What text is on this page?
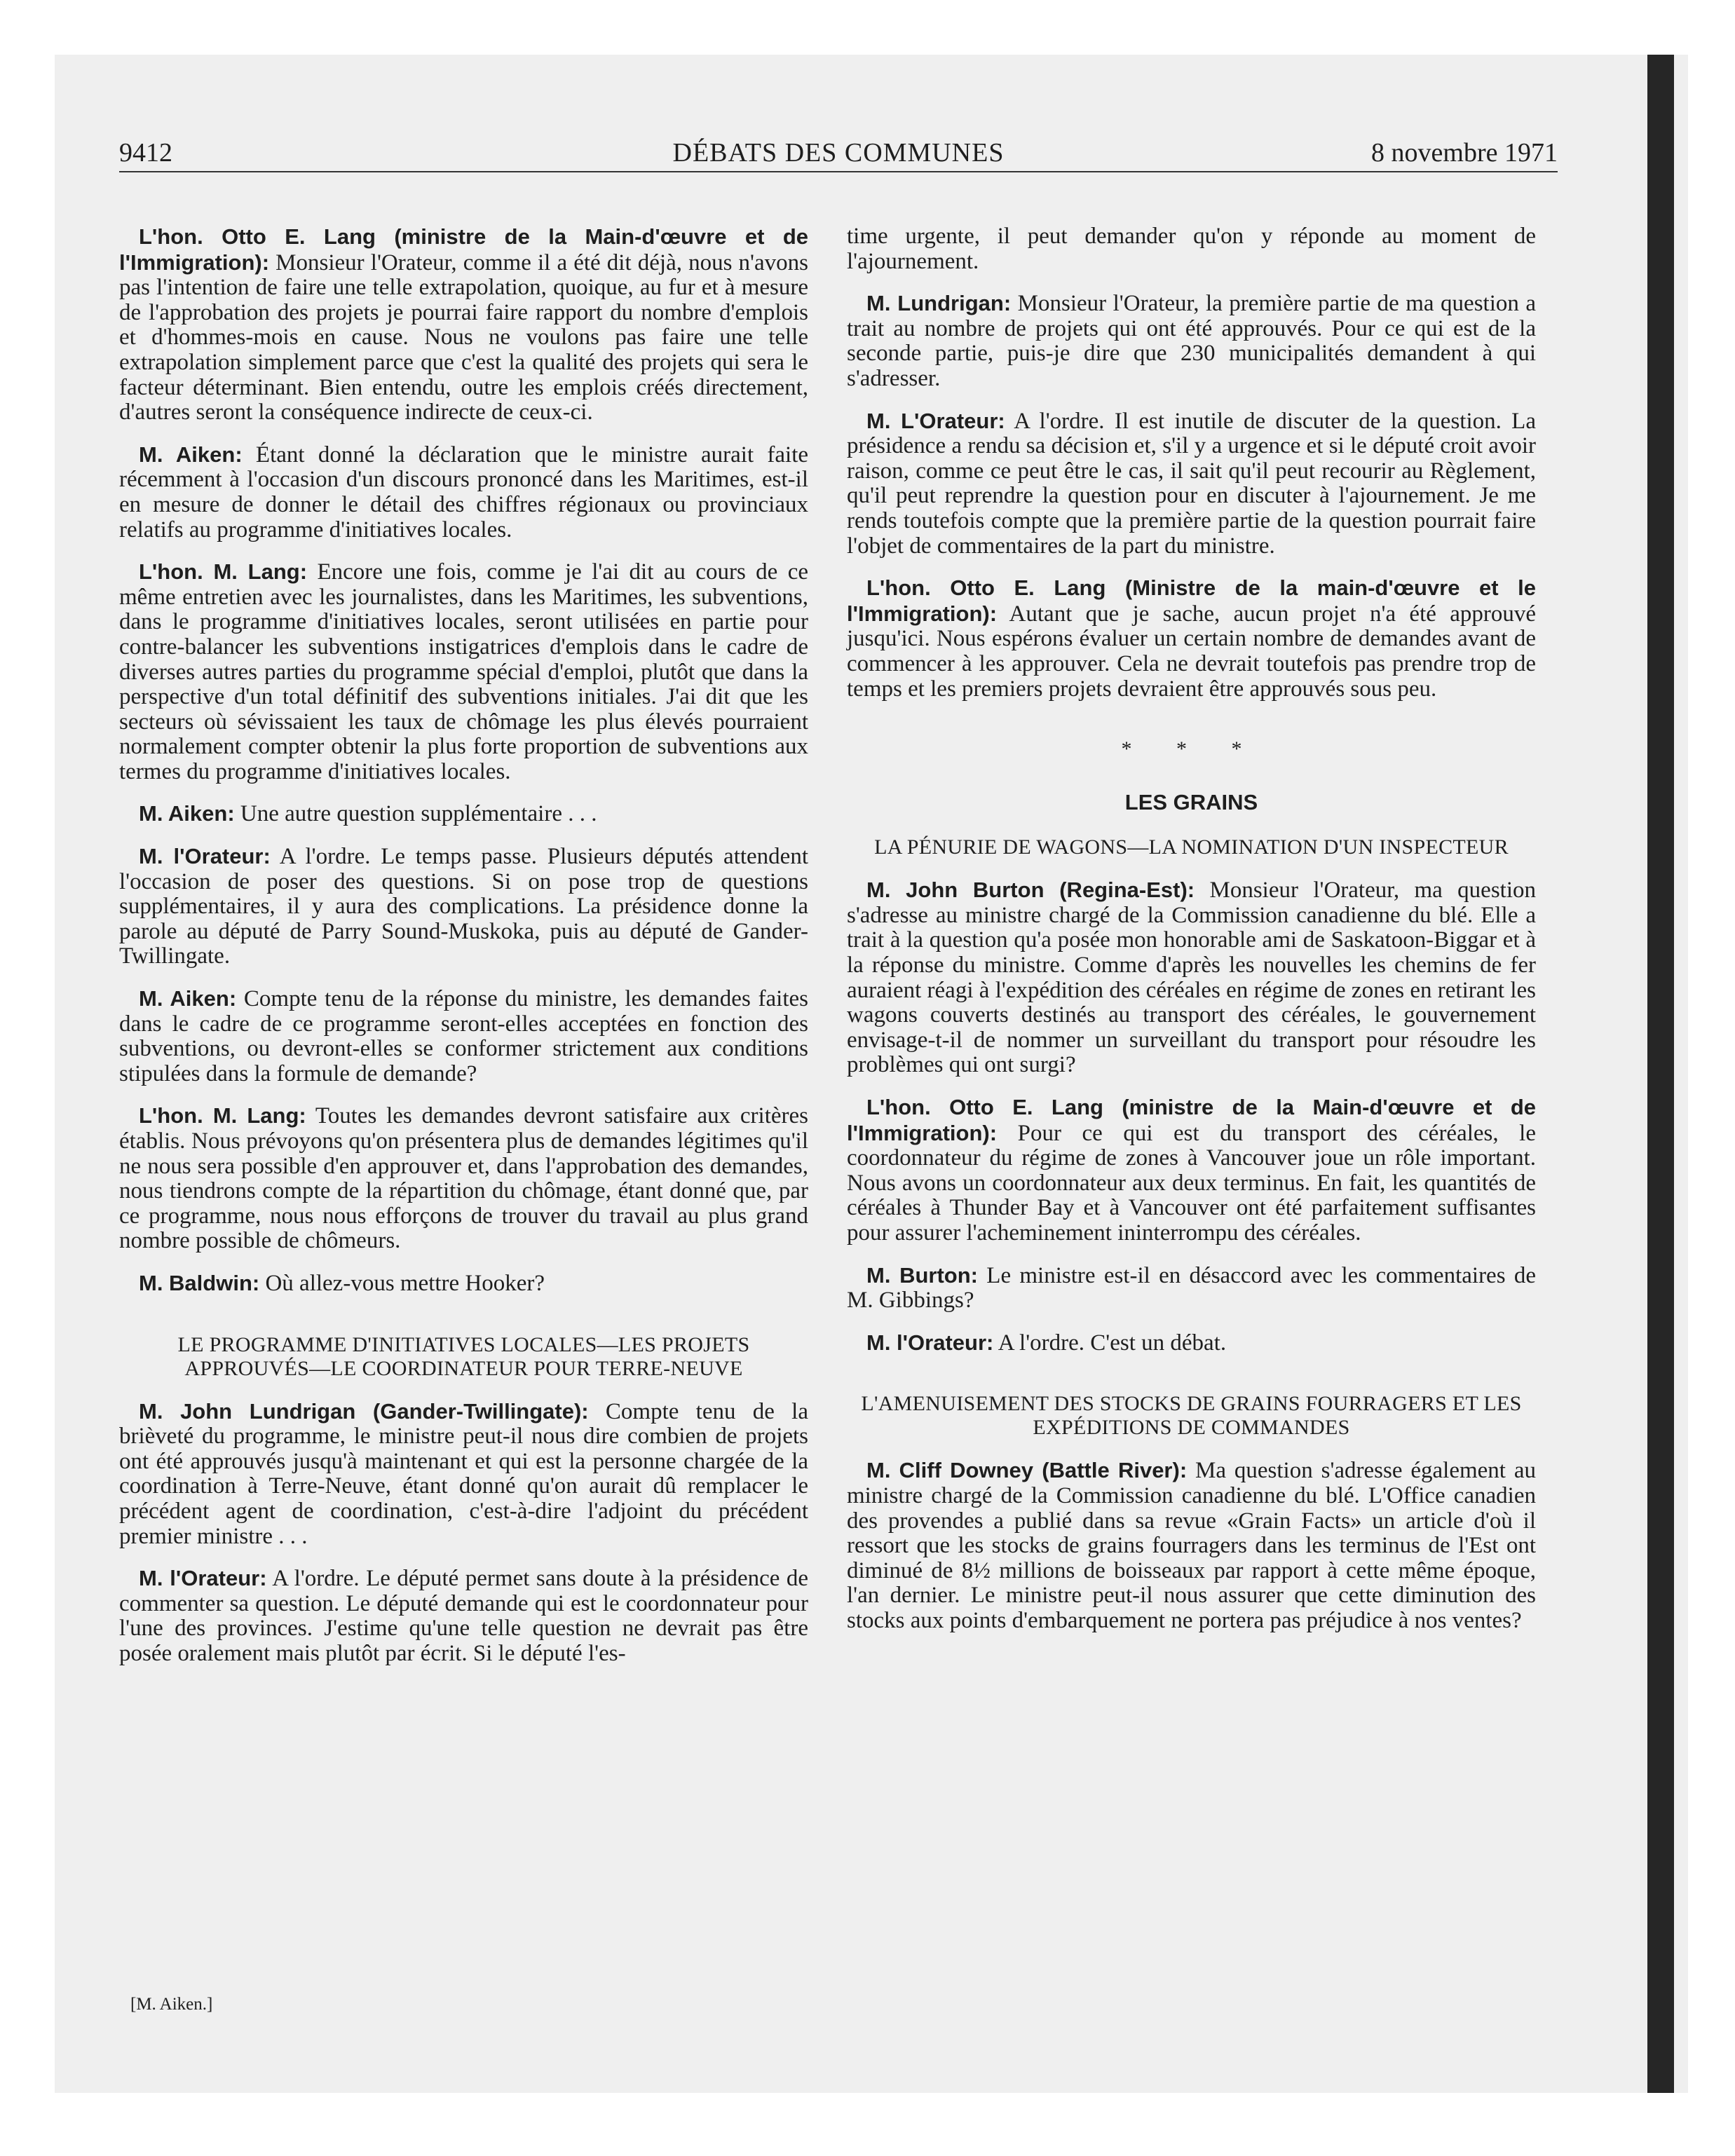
9412	DÉBATS DES COMMUNES	8 novembre 1971

L'hon. Otto E. Lang (ministre de la Main-d'œuvre et de l'Immigration): Monsieur l'Orateur, comme il a été dit déjà, nous n'avons pas l'intention de faire une telle extrapolation, quoique, au fur et à mesure de l'approbation des projets je pourrai faire rapport du nombre d'emplois et d'hommes-mois en cause. Nous ne voulons pas faire une telle extrapolation simplement parce que c'est la qualité des projets qui sera le facteur déterminant. Bien entendu, outre les emplois créés directement, d'autres seront la conséquence indirecte de ceux-ci.

M. Aiken: Étant donné la déclaration que le ministre aurait faite récemment à l'occasion d'un discours prononcé dans les Maritimes, est-il en mesure de donner le détail des chiffres régionaux ou provinciaux relatifs au programme d'initiatives locales.

L'hon. M. Lang: Encore une fois, comme je l'ai dit au cours de ce même entretien avec les journalistes, dans les Maritimes, les subventions, dans le programme d'initiatives locales, seront utilisées en partie pour contre-balancer les subventions instigatrices d'emplois dans le cadre de diverses autres parties du programme spécial d'emploi, plutôt que dans la perspective d'un total définitif des subventions initiales. J'ai dit que les secteurs où sévissaient les taux de chômage les plus élevés pourraient normalement compter obtenir la plus forte proportion de subventions aux termes du programme d'initiatives locales.

M. Aiken: Une autre question supplémentaire . . .

M. l'Orateur: A l'ordre. Le temps passe. Plusieurs députés attendent l'occasion de poser des questions. Si on pose trop de questions supplémentaires, il y aura des complications. La présidence donne la parole au député de Parry Sound-Muskoka, puis au député de Gander-Twillingate.

M. Aiken: Compte tenu de la réponse du ministre, les demandes faites dans le cadre de ce programme seront-elles acceptées en fonction des subventions, ou devront-elles se conformer strictement aux conditions stipulées dans la formule de demande?

L'hon. M. Lang: Toutes les demandes devront satisfaire aux critères établis. Nous prévoyons qu'on présentera plus de demandes légitimes qu'il ne nous sera possible d'en approuver et, dans l'approbation des demandes, nous tiendrons compte de la répartition du chômage, étant donné que, par ce programme, nous nous efforçons de trouver du travail au plus grand nombre possible de chômeurs.

M. Baldwin: Où allez-vous mettre Hooker?

LE PROGRAMME D'INITIATIVES LOCALES—LES PROJETS APPROUVÉS—LE COORDINATEUR POUR TERRE-NEUVE

M. John Lundrigan (Gander-Twillingate): Compte tenu de la brièveté du programme, le ministre peut-il nous dire combien de projets ont été approuvés jusqu'à maintenant et qui est la personne chargée de la coordination à Terre-Neuve, étant donné qu'on aurait dû remplacer le précédent agent de coordination, c'est-à-dire l'adjoint du précédent premier ministre . . .

M. l'Orateur: A l'ordre. Le député permet sans doute à la présidence de commenter sa question. Le député demande qui est le coordonnateur pour l'une des provinces. J'estime qu'une telle question ne devrait pas être posée oralement mais plutôt par écrit. Si le député l'es-

time urgente, il peut demander qu'on y réponde au moment de l'ajournement.

M. Lundrigan: Monsieur l'Orateur, la première partie de ma question a trait au nombre de projets qui ont été approuvés. Pour ce qui est de la seconde partie, puis-je dire que 230 municipalités demandent à qui s'adresser.

M. L'Orateur: A l'ordre. Il est inutile de discuter de la question. La présidence a rendu sa décision et, s'il y a urgence et si le député croit avoir raison, comme ce peut être le cas, il sait qu'il peut recourir au Règlement, qu'il peut reprendre la question pour en discuter à l'ajournement. Je me rends toutefois compte que la première partie de la question pourrait faire l'objet de commentaires de la part du ministre.

L'hon. Otto E. Lang (Ministre de la main-d'œuvre et le l'Immigration): Autant que je sache, aucun projet n'a été approuvé jusqu'ici. Nous espérons évaluer un certain nombre de demandes avant de commencer à les approuver. Cela ne devrait toutefois pas prendre trop de temps et les premiers projets devraient être approuvés sous peu.

* * *
LES GRAINS
LA PÉNURIE DE WAGONS—LA NOMINATION D'UN INSPECTEUR

M. John Burton (Regina-Est): Monsieur l'Orateur, ma question s'adresse au ministre chargé de la Commission canadienne du blé. Elle a trait à la question qu'a posée mon honorable ami de Saskatoon-Biggar et à la réponse du ministre. Comme d'après les nouvelles les chemins de fer auraient réagi à l'expédition des céréales en régime de zones en retirant les wagons couverts destinés au transport des céréales, le gouvernement envisage-t-il de nommer un surveillant du transport pour résoudre les problèmes qui ont surgi?

L'hon. Otto E. Lang (ministre de la Main-d'œuvre et de l'Immigration): Pour ce qui est du transport des céréales, le coordonnateur du régime de zones à Vancouver joue un rôle important. Nous avons un coordonnateur aux deux terminus. En fait, les quantités de céréales à Thunder Bay et à Vancouver ont été parfaitement suffisantes pour assurer l'acheminement ininterrompu des céréales.

M. Burton: Le ministre est-il en désaccord avec les commentaires de M. Gibbings?

M. l'Orateur: A l'ordre. C'est un débat.

L'AMENUISEMENT DES STOCKS DE GRAINS FOURRAGERS ET LES EXPÉDITIONS DE COMMANDES

M. Cliff Downey (Battle River): Ma question s'adresse également au ministre chargé de la Commission canadienne du blé. L'Office canadien des provendes a publié dans sa revue «Grain Facts» un article d'où il ressort que les stocks de grains fourragers dans les terminus de l'Est ont diminué de 8½ millions de boisseaux par rapport à cette même époque, l'an dernier. Le ministre peut-il nous assurer que cette diminution des stocks aux points d'embarquement ne portera pas préjudice à nos ventes?

[M. Aiken.]
